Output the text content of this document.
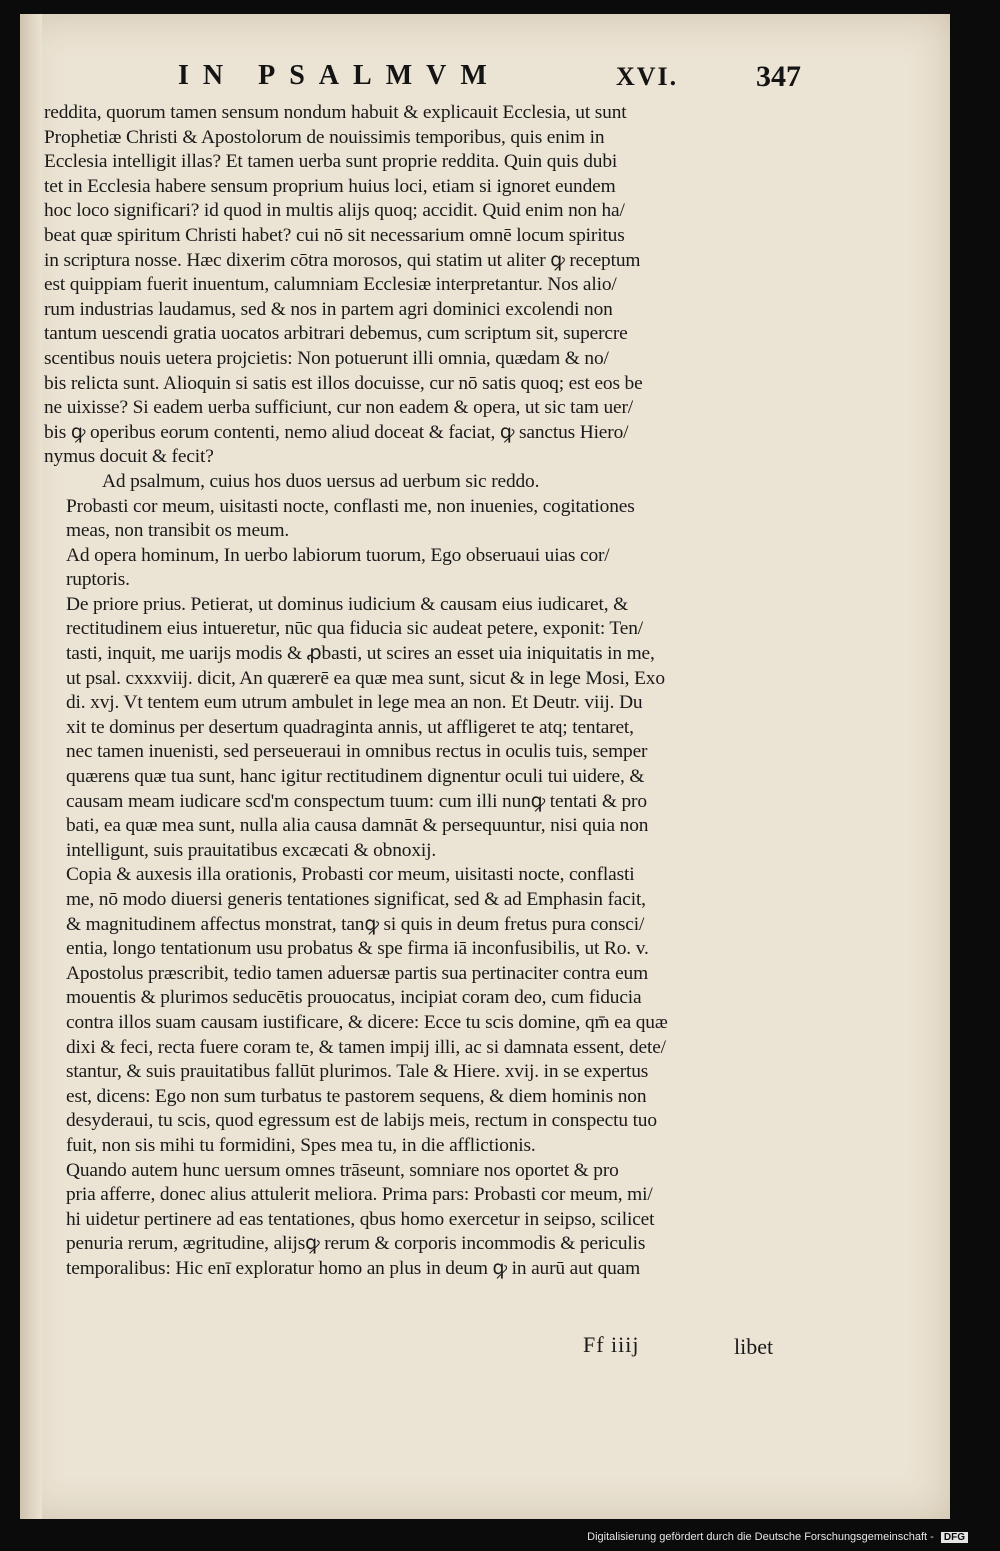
IN PSALMVM	XVI.	347

reddita, quorum tamen sensum nondum habuit & explicauit Ecclesia, ut sunt
Prophetiæ Christi & Apostolorum de nouissimis temporibus, quis enim in
Ecclesia intelligit illas? Et tamen uerba sunt proprie reddita. Quin quis dubi
tet in Ecclesia habere sensum proprium huius loci, etiam si ignoret eundem
hoc loco significari? id quod in multis alijs quoq; accidit. Quid enim non ha/
beat quæ spiritum Christi habet? cui nō sit necessarium omnē locum spiritus
in scriptura nosse. Hæc dixerim cōtra morosos, qui statim ut aliter ꝙ receptum
est quippiam fuerit inuentum, calumniam Ecclesiæ interpretantur. Nos alio/
rum industrias laudamus, sed & nos in partem agri dominici excolendi non
tantum uescendi gratia uocatos arbitrari debemus, cum scriptum sit, supercre
scentibus nouis uetera projcietis: Non potuerunt illi omnia, quædam & no/
bis relicta sunt. Alioquin si satis est illos docuisse, cur nō satis quoq; est eos be
ne uixisse? Si eadem uerba sufficiunt, cur non eadem & opera, ut sic tam uer/
bis ꝙ operibus eorum contenti, nemo aliud doceat & faciat, ꝙ sanctus Hiero/
nymus docuit & fecit?

Ad psalmum, cuius hos duos uersus ad uerbum sic reddo.

Probasti cor meum, uisitasti nocte, conflasti me, non inuenies, cogitationes
meas, non transibit os meum.

Ad opera hominum, In uerbo labiorum tuorum, Ego obseruaui uias cor/
ruptoris.

De priore prius. Petierat, ut dominus iudicium & causam eius iudicaret, &
rectitudinem eius intueretur, nūc qua fiducia sic audeat petere, exponit: Ten/
tasti, inquit, me uarijs modis & ꝓbasti, ut scires an esset uia iniquitatis in me,
ut psal. cxxxviij. dicit, An quærerē ea quæ mea sunt, sicut & in lege Mosi, Exo
di. xvj. Vt tentem eum utrum ambulet in lege mea an non. Et Deutr. viij. Du
xit te dominus per desertum quadraginta annis, ut affligeret te atq; tentaret,
nec tamen inuenisti, sed perseueraui in omnibus rectus in oculis tuis, semper
quærens quæ tua sunt, hanc igitur rectitudinem dignentur oculi tui uidere, &
causam meam iudicare scd'm conspectum tuum: cum illi nunꝙ tentati & pro
bati, ea quæ mea sunt, nulla alia causa damnāt & persequuntur, nisi quia non
intelligunt, suis prauitatibus excæcati & obnoxij.

Copia & auxesis illa orationis, Probasti cor meum, uisitasti nocte, conflasti
me, nō modo diuersi generis tentationes significat, sed & ad Emphasin facit,
& magnitudinem affectus monstrat, tanꝙ si quis in deum fretus pura consci/
entia, longo tentationum usu probatus & spe firma iā inconfusibilis, ut Ro. v.
Apostolus præscribit, tedio tamen aduersæ partis sua pertinaciter contra eum
mouentis & plurimos seducētis prouocatus, incipiat coram deo, cum fiducia
contra illos suam causam iustificare, & dicere: Ecce tu scis domine, qm̄ ea quæ
dixi & feci, recta fuere coram te, & tamen impij illi, ac si damnata essent, dete/
stantur, & suis prauitatibus fallūt plurimos. Tale & Hiere. xvij. in se expertus
est, dicens: Ego non sum turbatus te pastorem sequens, & diem hominis non
desyderaui, tu scis, quod egressum est de labijs meis, rectum in conspectu tuo
fuit, non sis mihi tu formidini, Spes mea tu, in die afflictionis.

Quando autem hunc uersum omnes trāseunt, somniare nos oportet & pro
pria afferre, donec alius attulerit meliora. Prima pars: Probasti cor meum, mi/
hi uidetur pertinere ad eas tentationes, qbus homo exercetur in seipso, scilicet
penuria rerum, ægritudine, alijsꝙ rerum & corporis incommodis & periculis
temporalibus: Hic enī exploratur homo an plus in deum ꝙ in aurū aut quam

Ff iiij	libet
Digitalisierung gefördert durch die Deutsche Forschungsgemeinschaft - DFG
